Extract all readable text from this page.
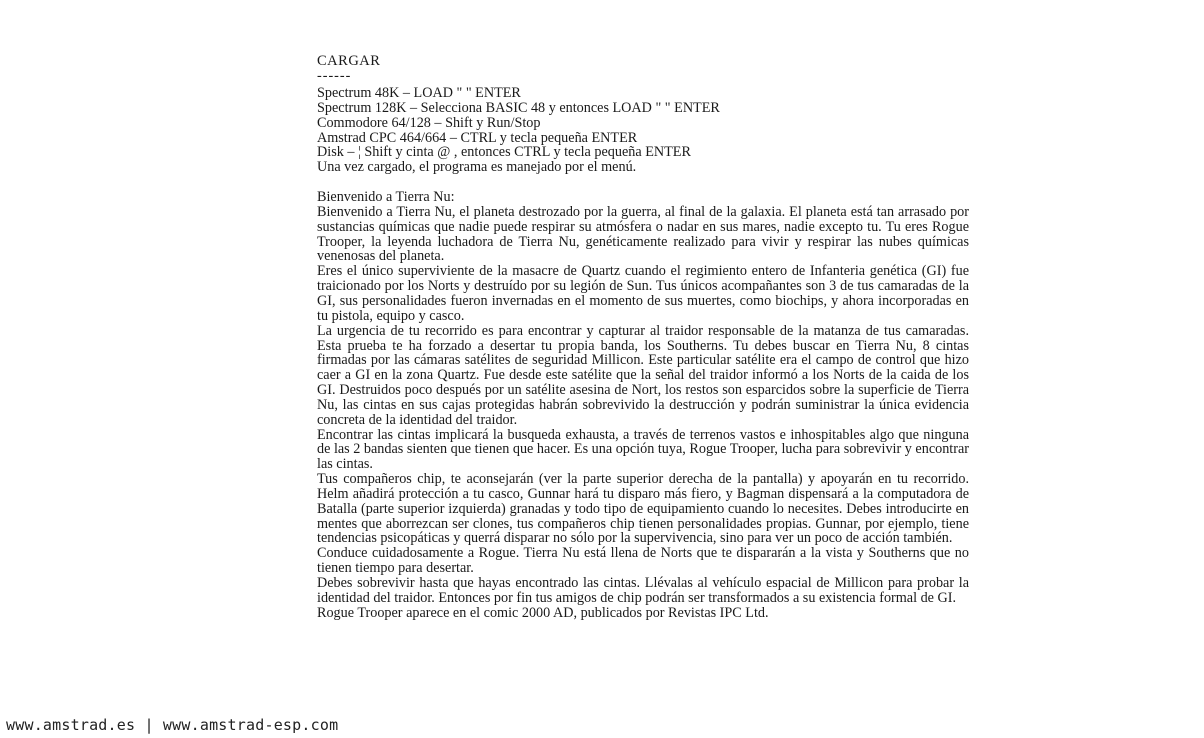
CARGAR
------
Spectrum 48K – LOAD " " ENTER
Spectrum 128K – Selecciona BASIC 48 y entonces LOAD " " ENTER
Commodore 64/128 – Shift y Run/Stop
Amstrad CPC 464/664 – CTRL y tecla pequeña ENTER
Disk – ¦ Shift y cinta @ , entonces CTRL y tecla pequeña ENTER
Una vez cargado, el programa es manejado por el menú.
Bienvenido a Tierra Nu:
Bienvenido a Tierra Nu, el planeta destrozado por la guerra, al final de la galaxia. El planeta está tan arrasado por sustancias químicas que nadie puede respirar su atmósfera o nadar en sus mares, nadie excepto tu. Tu eres Rogue Trooper, la leyenda luchadora de Tierra Nu, genéticamente realizado para vivir y respirar las nubes químicas venenosas del planeta.
Eres el único superviviente de la masacre de Quartz cuando el regimiento entero de Infanteria genética (GI) fue traicionado por los Norts y destruído por su legión de Sun. Tus únicos acompañantes son 3 de tus camaradas de la GI, sus personalidades fueron invernadas en el momento de sus muertes, como biochips, y ahora incorporadas en tu pistola, equipo y casco.
La urgencia de tu recorrido es para encontrar y capturar al traidor responsable de la matanza de tus camaradas. Esta prueba te ha forzado a desertar tu propia banda, los Southerns. Tu debes buscar en Tierra Nu, 8 cintas firmadas por las cámaras satélites de seguridad Millicon. Este particular satélite era el campo de control que hizo caer a GI en la zona Quartz. Fue desde este satélite que la señal del traidor informó a los Norts de la caida de los GI. Destruidos poco después por un satélite asesina de Nort, los restos son esparcidos sobre la superficie de Tierra Nu, las cintas en sus cajas protegidas habrán sobrevivido la destrucción y podrán suministrar la única evidencia concreta de la identidad del traidor.
Encontrar las cintas implicará la busqueda exhausta, a través de terrenos vastos e inhospitables algo que ninguna de las 2 bandas sienten que tienen que hacer. Es una opción tuya, Rogue Trooper, lucha para sobrevivir y encontrar las cintas.
Tus compañeros chip, te aconsejarán (ver la parte superior derecha de la pantalla) y apoyarán en tu recorrido. Helm añadirá protección a tu casco, Gunnar hará tu disparo más fiero, y Bagman dispensará a la computadora de Batalla (parte superior izquierda) granadas y todo tipo de equipamiento cuando lo necesites. Debes introducirte en mentes que aborrezcan ser clones, tus compañeros chip tienen personalidades propias. Gunnar, por ejemplo, tiene tendencias psicopáticas y querrá disparar no sólo por la supervivencia, sino para ver un poco de acción también.
Conduce cuidadosamente a Rogue. Tierra Nu está llena de Norts que te dispararán a la vista y Southerns que no tienen tiempo para desertar.
Debes sobrevivir hasta que hayas encontrado las cintas. Llévalas al vehículo espacial de Millicon para probar la identidad del traidor. Entonces por fin tus amigos de chip podrán ser transformados a su existencia formal de GI.
Rogue Trooper aparece en el comic 2000 AD, publicados por Revistas IPC Ltd.
www.amstrad.es | www.amstrad-esp.com
